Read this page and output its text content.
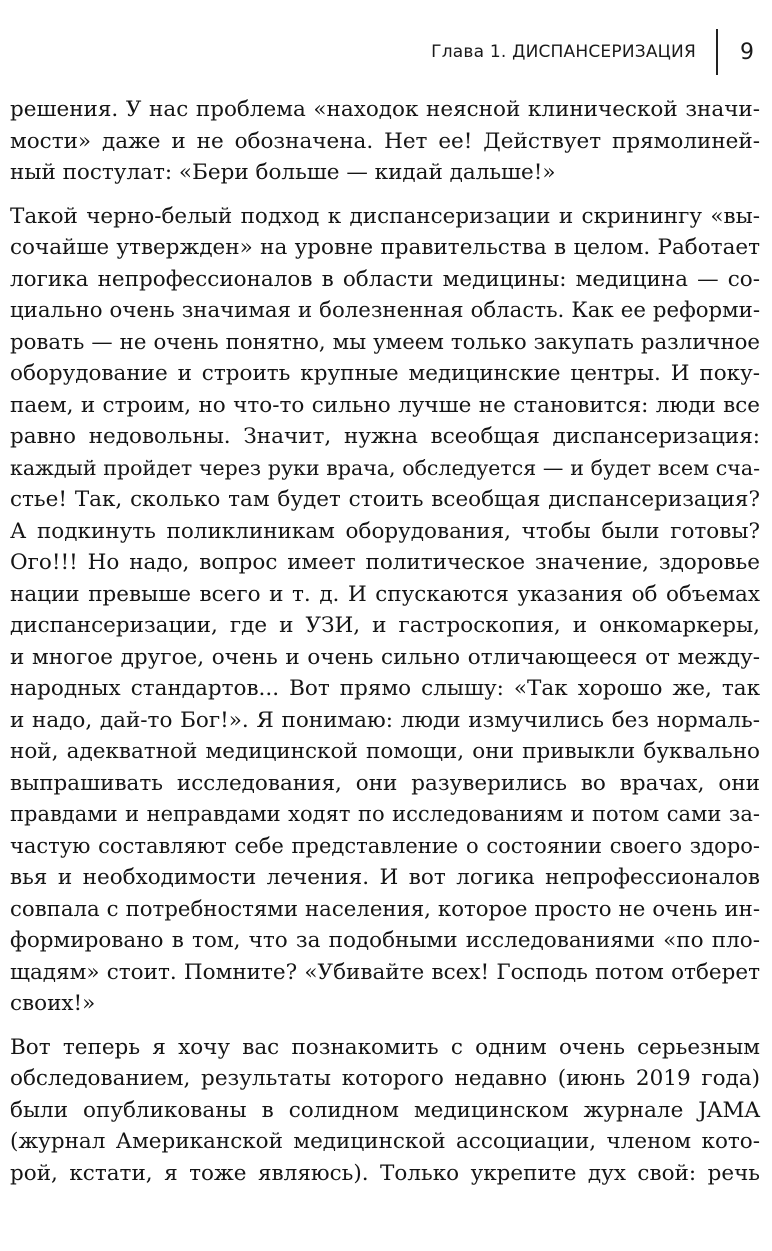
Глава 1. ДИСПАНСЕРИЗАЦИЯ 9

решения. У нас проблема «находок неясной клинической значи-
мости» даже и не обозначена. Нет ее! Действует прямолиней-
ный постулат: «Бери больше — кидай дальше!»

Такой черно-белый подход к диспансеризации и скринингу «вы-
сочайше утвержден» на уровне правительства в целом. Работает
логика непрофессионалов в области медицины: медицина — со-
циально очень значимая и болезненная область. Как ее реформи-
ровать — не очень понятно, мы умеем только закупать различное
оборудование и строить крупные медицинские центры. И поку-
паем, и строим, но что-то сильно лучше не становится: люди все
равно недовольны. Значит, нужна всеобщая диспансеризация:
каждый пройдет через руки врача, обследуется — и будет всем сча-
стье! Так, сколько там будет стоить всеобщая диспансеризация?
А подкинуть поликлиникам оборудования, чтобы были готовы?
Ого!!! Но надо, вопрос имеет политическое значение, здоровье
нации превыше всего и т. д. И спускаются указания об объемах
диспансеризации, где и УЗИ, и гастроскопия, и онкомаркеры,
и многое другое, очень и очень сильно отличающееся от между-
народных стандартов... Вот прямо слышу: «Так хорошо же, так
и надо, дай-то Бог!». Я понимаю: люди измучились без нормаль-
ной, адекватной медицинской помощи, они привыкли буквально
выпрашивать исследования, они разуверились во врачах, они
правдами и неправдами ходят по исследованиям и потом сами за-
частую составляют себе представление о состоянии своего здоро-
вья и необходимости лечения. И вот логика непрофессионалов
совпала с потребностями населения, которое просто не очень ин-
формировано в том, что за подобными исследованиями «по пло-
щадям» стоит. Помните? «Убивайте всех! Господь потом отберет
своих!»

Вот теперь я хочу вас познакомить с одним очень серьезным
обследованием, результаты которого недавно (июнь 2019 года)
были опубликованы в солидном медицинском журнале JAMA
(журнал Американской медицинской ассоциации, членом кото-
рой, кстати, я тоже являюсь). Только укрепите дух свой: речь
